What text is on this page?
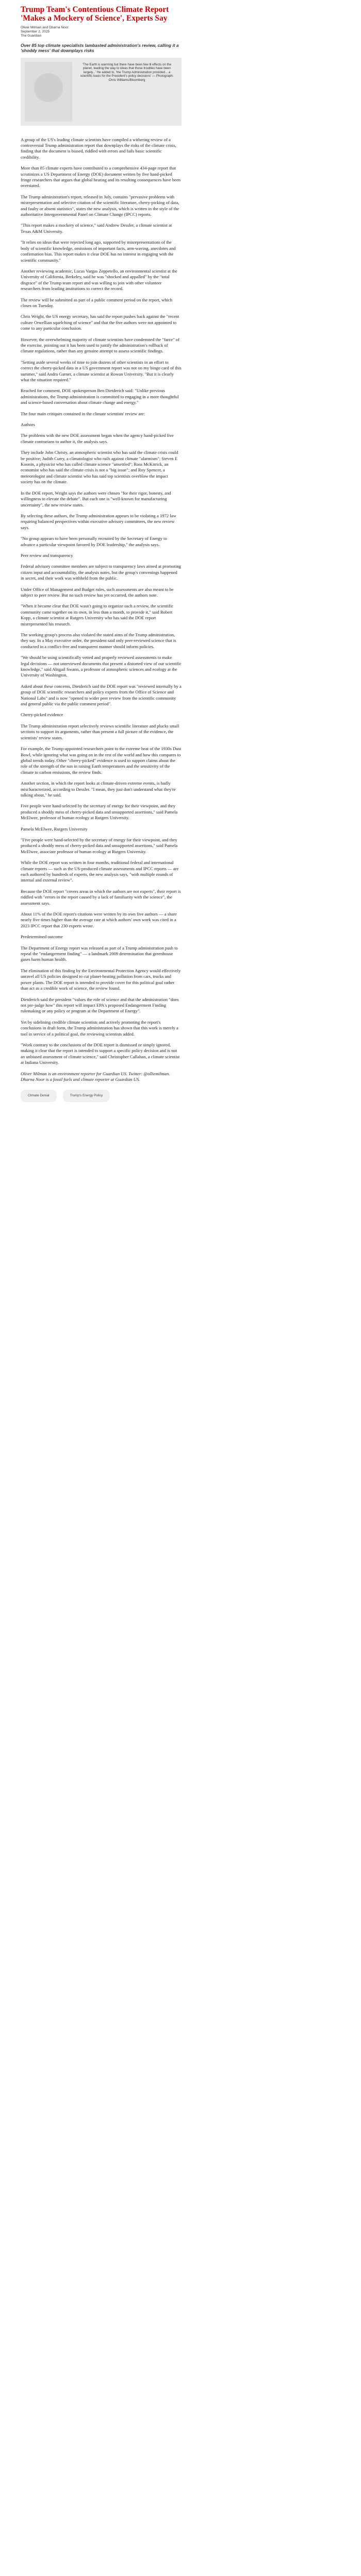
Trump Team's Contentious Climate Report 'Makes a Mockery of Science', Experts Say
Oliver Milman and Dharna Noor
September 2, 2025
The Guardian

Over 85 top climate specialists lambasted administration's review, calling it a 'shoddy mess' that downplays risks

'The Earth is warming but there have been few ill effects on the planet, leading the way to ideas that those troubles have been largely...' He added to, 'the Trump Administration provided... a scientific basis for the President's policy decisions' — Photograph: Chris Williams/Bloomberg

A group of the US's leading climate scientists have compiled a withering review of a controversial Trump administration report that downplays the risks of the climate crisis, finding that the document is biased, riddled with errors and fails basic scientific credibility.

More than 85 climate experts have contributed to a comprehensive 434-page report that scrutinizes a US Department of Energy (DOE) document written by five hand-picked fringe researchers that argues that global heating and its resulting consequences have been overstated.

The Trump administration's report, released in July, contains "pervasive problems with misrepresentation and selective citation of the scientific literature, cherry-picking of data, and faulty or absent statistics", states the new analysis, which is written in the style of the authoritative Intergovernmental Panel on Climate Change (IPCC) reports.

"This report makes a mockery of science," said Andrew Dessler, a climate scientist at Texas A&M University.

"It relies on ideas that were rejected long ago, supported by misrepresentations of the body of scientific knowledge, omissions of important facts, arm-waving, anecdotes and confirmation bias. This report makes it clear DOE has no interest in engaging with the scientific community."

Another reviewing academic, Lucas Vargas Zeppetello, an environmental scientist at the University of California, Berkeley, said he was "shocked and appalled" by the "total disgrace" of the Trump team report and was willing to join with other volunteer researchers from leading institutions to correct the record.

The review will be submitted as part of a public comment period on the report, which closes on Tuesday.

Chris Wright, the US energy secretary, has said the report pushes back against the "recent culture Orwellian squelching of science" and that the five authors were not appointed to come to any particular conclusion.

However, the overwhelming majority of climate scientists have condemned the "farce" of the exercise, pointing out it has been used to justify the administration's rollback of climate regulations, rather than any genuine attempt to assess scientific findings.

"Setting aside several weeks of time to join dozens of other scientists in an effort to correct the cherry-picked data in a US government report was not on my bingo card of this summer," said Andra Garner, a climate scientist at Rowan University. "But it is clearly what the situation required."

Reached for comment, DOE spokesperson Ben Dietderich said: "Unlike previous administrations, the Trump administration is committed to engaging in a more thoughtful and science-based conversation about climate change and energy."

The four main critiques contained in the climate scientists' review are:

Authors

The problems with the new DOE assessment began when the agency hand-picked five climate contrarians to author it, the analysis says.

They include John Christy, an atmospheric scientist who has said the climate crisis could be positive; Judith Curry, a climatologist who rails against climate "alarmism"; Steven E Koonin, a physicist who has called climate science "unsettled"; Ross McKitrick, an economist who has said the climate crisis is not a "big issue"; and Roy Spencer, a meteorologist and climate scientist who has said top scientists overblow the impact society has on the climate.

In the DOE report, Wright says the authors were chosen "for their rigor, honesty, and willingness to elevate the debate". But each one is "well-known for manufacturing uncertainty", the new review states.

By selecting these authors, the Trump administration appears to be violating a 1972 law requiring balanced perspectives within executive advisory committees, the new review says.

"No group appears to have been personally recruited by the Secretary of Energy to advance a particular viewpoint favored by DOE leadership," the analysis says.

Peer review and transparency

Federal advisory committee members are subject to transparency laws aimed at promoting citizen input and accountability, the analysis notes, but the group's convenings happened in secret, and their work was withheld from the public.

Under Office of Management and Budget rules, such assessments are also meant to be subject to peer review. But no such review has yet occurred, the authors note.

"When it became clear that DOE wasn't going to organize such a review, the scientific community came together on its own, in less than a month, to provide it," said Robert Kopp, a climate scientist at Rutgers University who has said the DOE report misrepresented his research.

The working group's process also violated the stated aims of the Trump administration, they say. In a May executive order, the president said only peer-reviewed science that is conducted in a conflict-free and transparent manner should inform policies.

"We should be using scientifically vetted and properly reviewed assessments to make legal decisions — not unreviewed documents that present a distorted view of our scientific knowledge," said Abigail Swann, a professor of atmospheric sciences and ecology at the University of Washington.

Asked about these concerns, Dietderich said the DOE report was "reviewed internally by a group of DOE scientific researchers and policy experts from the Office of Science and National Labs" and is now "opened to wider peer review from the scientific community and general public via the public comment period".

Cherry-picked evidence

The Trump administration report selectively reviews scientific literature and plucks small sections to support its arguments, rather than present a full picture of the evidence, the scientists' review states.

For example, the Trump-appointed researchers point to the extreme heat of the 1930s Dust Bowl, while ignoring what was going on in the rest of the world and how this compares to global trends today. Other "cherry-picked" evidence is used to support claims about the role of the strength of the sun in raising Earth temperatures and the sensitivity of the climate to carbon emissions, the review finds.

Another section, in which the report looks at climate-driven extreme events, is badly mischaracterized, according to Dessler. "I mean, they just don't understand what they're talking about," he said.

Five people were hand-selected by the secretary of energy for their viewpoint, and they produced a shoddy mess of cherry-picked data and unsupported assertions," said Pamela McElwee, professor of human ecology at Rutgers University.

Pamela McElwee, Rutgers University

"Five people were hand-selected by the secretary of energy for their viewpoint, and they produced a shoddy mess of cherry-picked data and unsupported assertions," said Pamela McElwee, associate professor of human ecology at Rutgers University.

While the DOE report was written in four months, traditional federal and international climate reports — such as the US-produced climate assessments and IPCC reports — are each authored by hundreds of experts, the new analysis says, "with multiple rounds of internal and external review".

Because the DOE report "covers areas in which the authors are not experts", their report is riddled with "errors in the report caused by a lack of familiarity with the science", the assessment says.

About 11% of the DOE report's citations were written by its own five authors — a share nearly five times higher than the average rate at which authors' own work was cited in a 2023 IPCC report that 230 experts wrote.

Predetermined outcome

The Department of Energy report was released as part of a Trump administration push to repeal the "endangerment finding" — a landmark 2009 determination that greenhouse gases harm human health.

The elimination of this finding by the Environmental Protection Agency would effectively unravel all US policies designed to cut planet-heating pollution from cars, trucks and power plants. The DOE report is intended to provide cover for this political goal rather than act as a credible work of science, the review found.

Dietderich said the president "values the role of science and that the administration "does not pre-judge how" this report will impact EPA's proposed Endangerment Finding rulemaking or any policy or program at the Department of Energy".

Yet by sidelining credible climate scientists and actively promoting the report's conclusions in draft form, the Trump administration has shown that this work is merely a tool in service of a political goal, the reviewing scientists added.

"Work contrary to the conclusions of the DOE report is dismissed or simply ignored, making it clear that the report is intended to support a specific policy decision and is not an unbiased assessment of climate science," said Christopher Callahan, a climate scientist at Indiana University.

Oliver Milman is an environment reporter for Guardian US. Twitter: @olliemilman. Dharna Noor is a fossil fuels and climate reporter at Guardian US.

Climate Denial	Trump's Energy Policy
